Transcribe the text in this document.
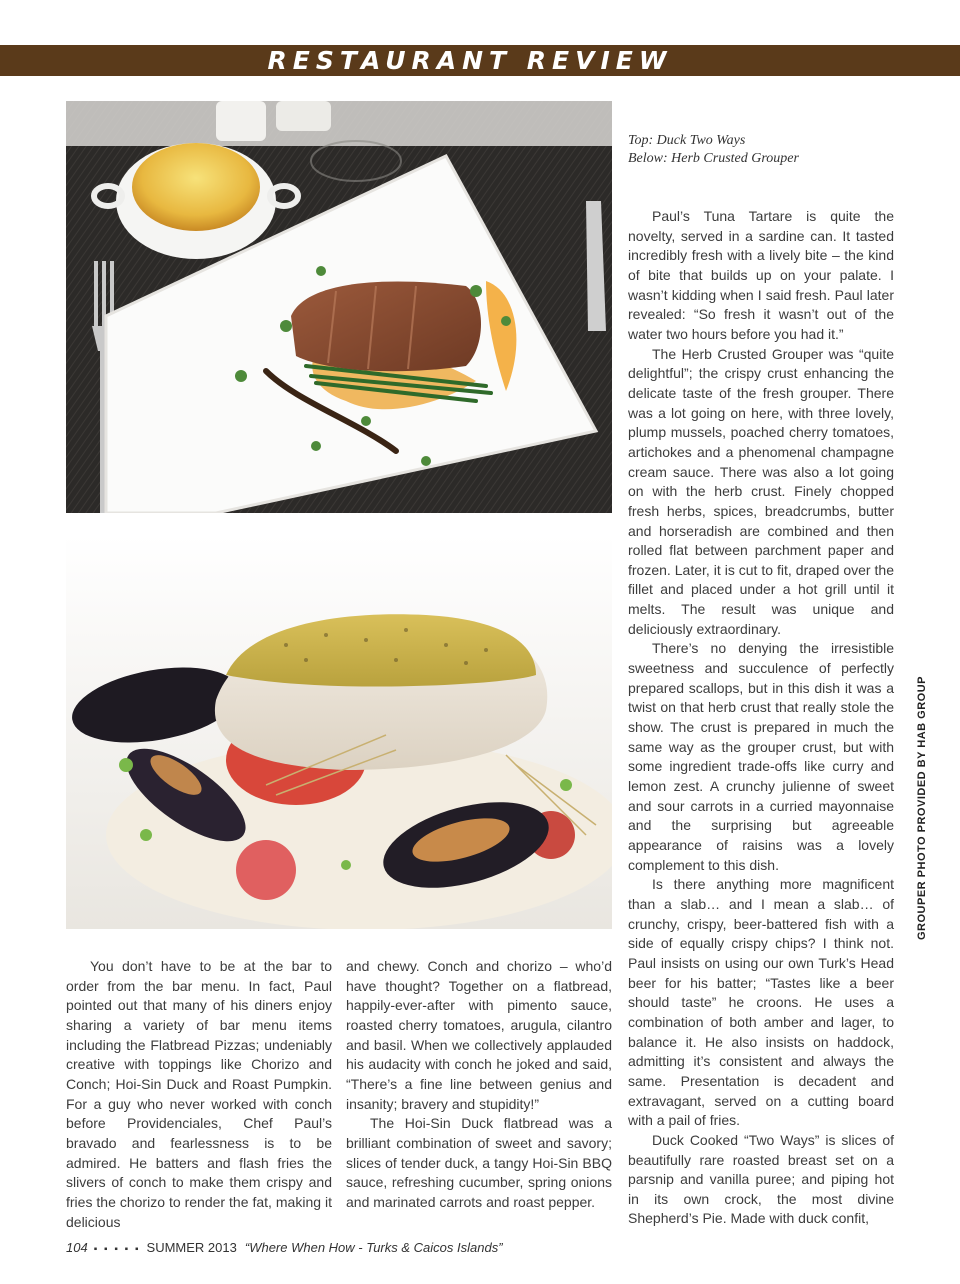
RESTAURANT REVIEW
Top: Duck Two Ways
Below: Herb Crusted Grouper

You don’t have to be at the bar to order from the bar menu. In fact, Paul pointed out that many of his diners enjoy sharing a variety of bar menu items including the Flatbread Pizzas; undeniably creative with toppings like Chorizo and Conch; Hoi-Sin Duck and Roast Pumpkin. For a guy who never worked with conch before Providenciales, Chef Paul’s bravado and fearlessness is to be admired. He batters and flash fries the slivers of conch to make them crispy and fries the chorizo to render the fat, making it delicious

and chewy. Conch and chorizo – who’d have thought? Together on a flatbread, happily-ever-after with pimento sauce, roasted cherry tomatoes, arugula, cilantro and basil. When we collectively applauded his audacity with conch he joked and said, “There’s a fine line between genius and insanity; bravery and stupidity!”

The Hoi-Sin Duck flatbread was a brilliant combination of sweet and savory; slices of tender duck, a tangy Hoi-Sin BBQ sauce, refreshing cucumber, spring onions and marinated carrots and roast pepper.

Paul’s Tuna Tartare is quite the novelty, served in a sardine can. It tasted incredibly fresh with a lively bite – the kind of bite that builds up on your palate. I wasn’t kidding when I said fresh. Paul later revealed: “So fresh it wasn’t out of the water two hours before you had it.”

The Herb Crusted Grouper was “quite delightful”; the crispy crust enhancing the delicate taste of the fresh grouper. There was a lot going on here, with three lovely, plump mussels, poached cherry tomatoes, artichokes and a phenomenal champagne cream sauce. There was also a lot going on with the herb crust. Finely chopped fresh herbs, spices, breadcrumbs, butter and horseradish are combined and then rolled flat between parchment paper and frozen. Later, it is cut to fit, draped over the fillet and placed under a hot grill until it melts. The result was unique and deliciously extraordinary.

There’s no denying the irresistible sweetness and succulence of perfectly prepared scallops, but in this dish it was a twist on that herb crust that really stole the show. The crust is prepared in much the same way as the grouper crust, but with some ingredient trade-offs like curry and lemon zest. A crunchy julienne of sweet and sour carrots in a curried mayonnaise and the surprising but agreeable appearance of raisins was a lovely complement to this dish.

Is there anything more magnificent than a slab… and I mean a slab… of crunchy, crispy, beer-battered fish with a side of equally crispy chips? I think not. Paul insists on using our own Turk’s Head beer for his batter; “Tastes like a beer should taste” he croons. He uses a combination of both amber and lager, to balance it. He also insists on haddock, admitting it’s consistent and always the same. Presentation is decadent and extravagant, served on a cutting board with a pail of fries.

Duck Cooked “Two Ways” is slices of beautifully rare roasted breast set on a parsnip and vanilla puree; and piping hot in its own crock, the most divine Shepherd’s Pie. Made with duck confit,

GROUPER PHOTO PROVIDED BY HAB GROUP
104 ▪ ▪ ▪ ▪ ▪ SUMMER 2013 “Where When How - Turks & Caicos Islands”
